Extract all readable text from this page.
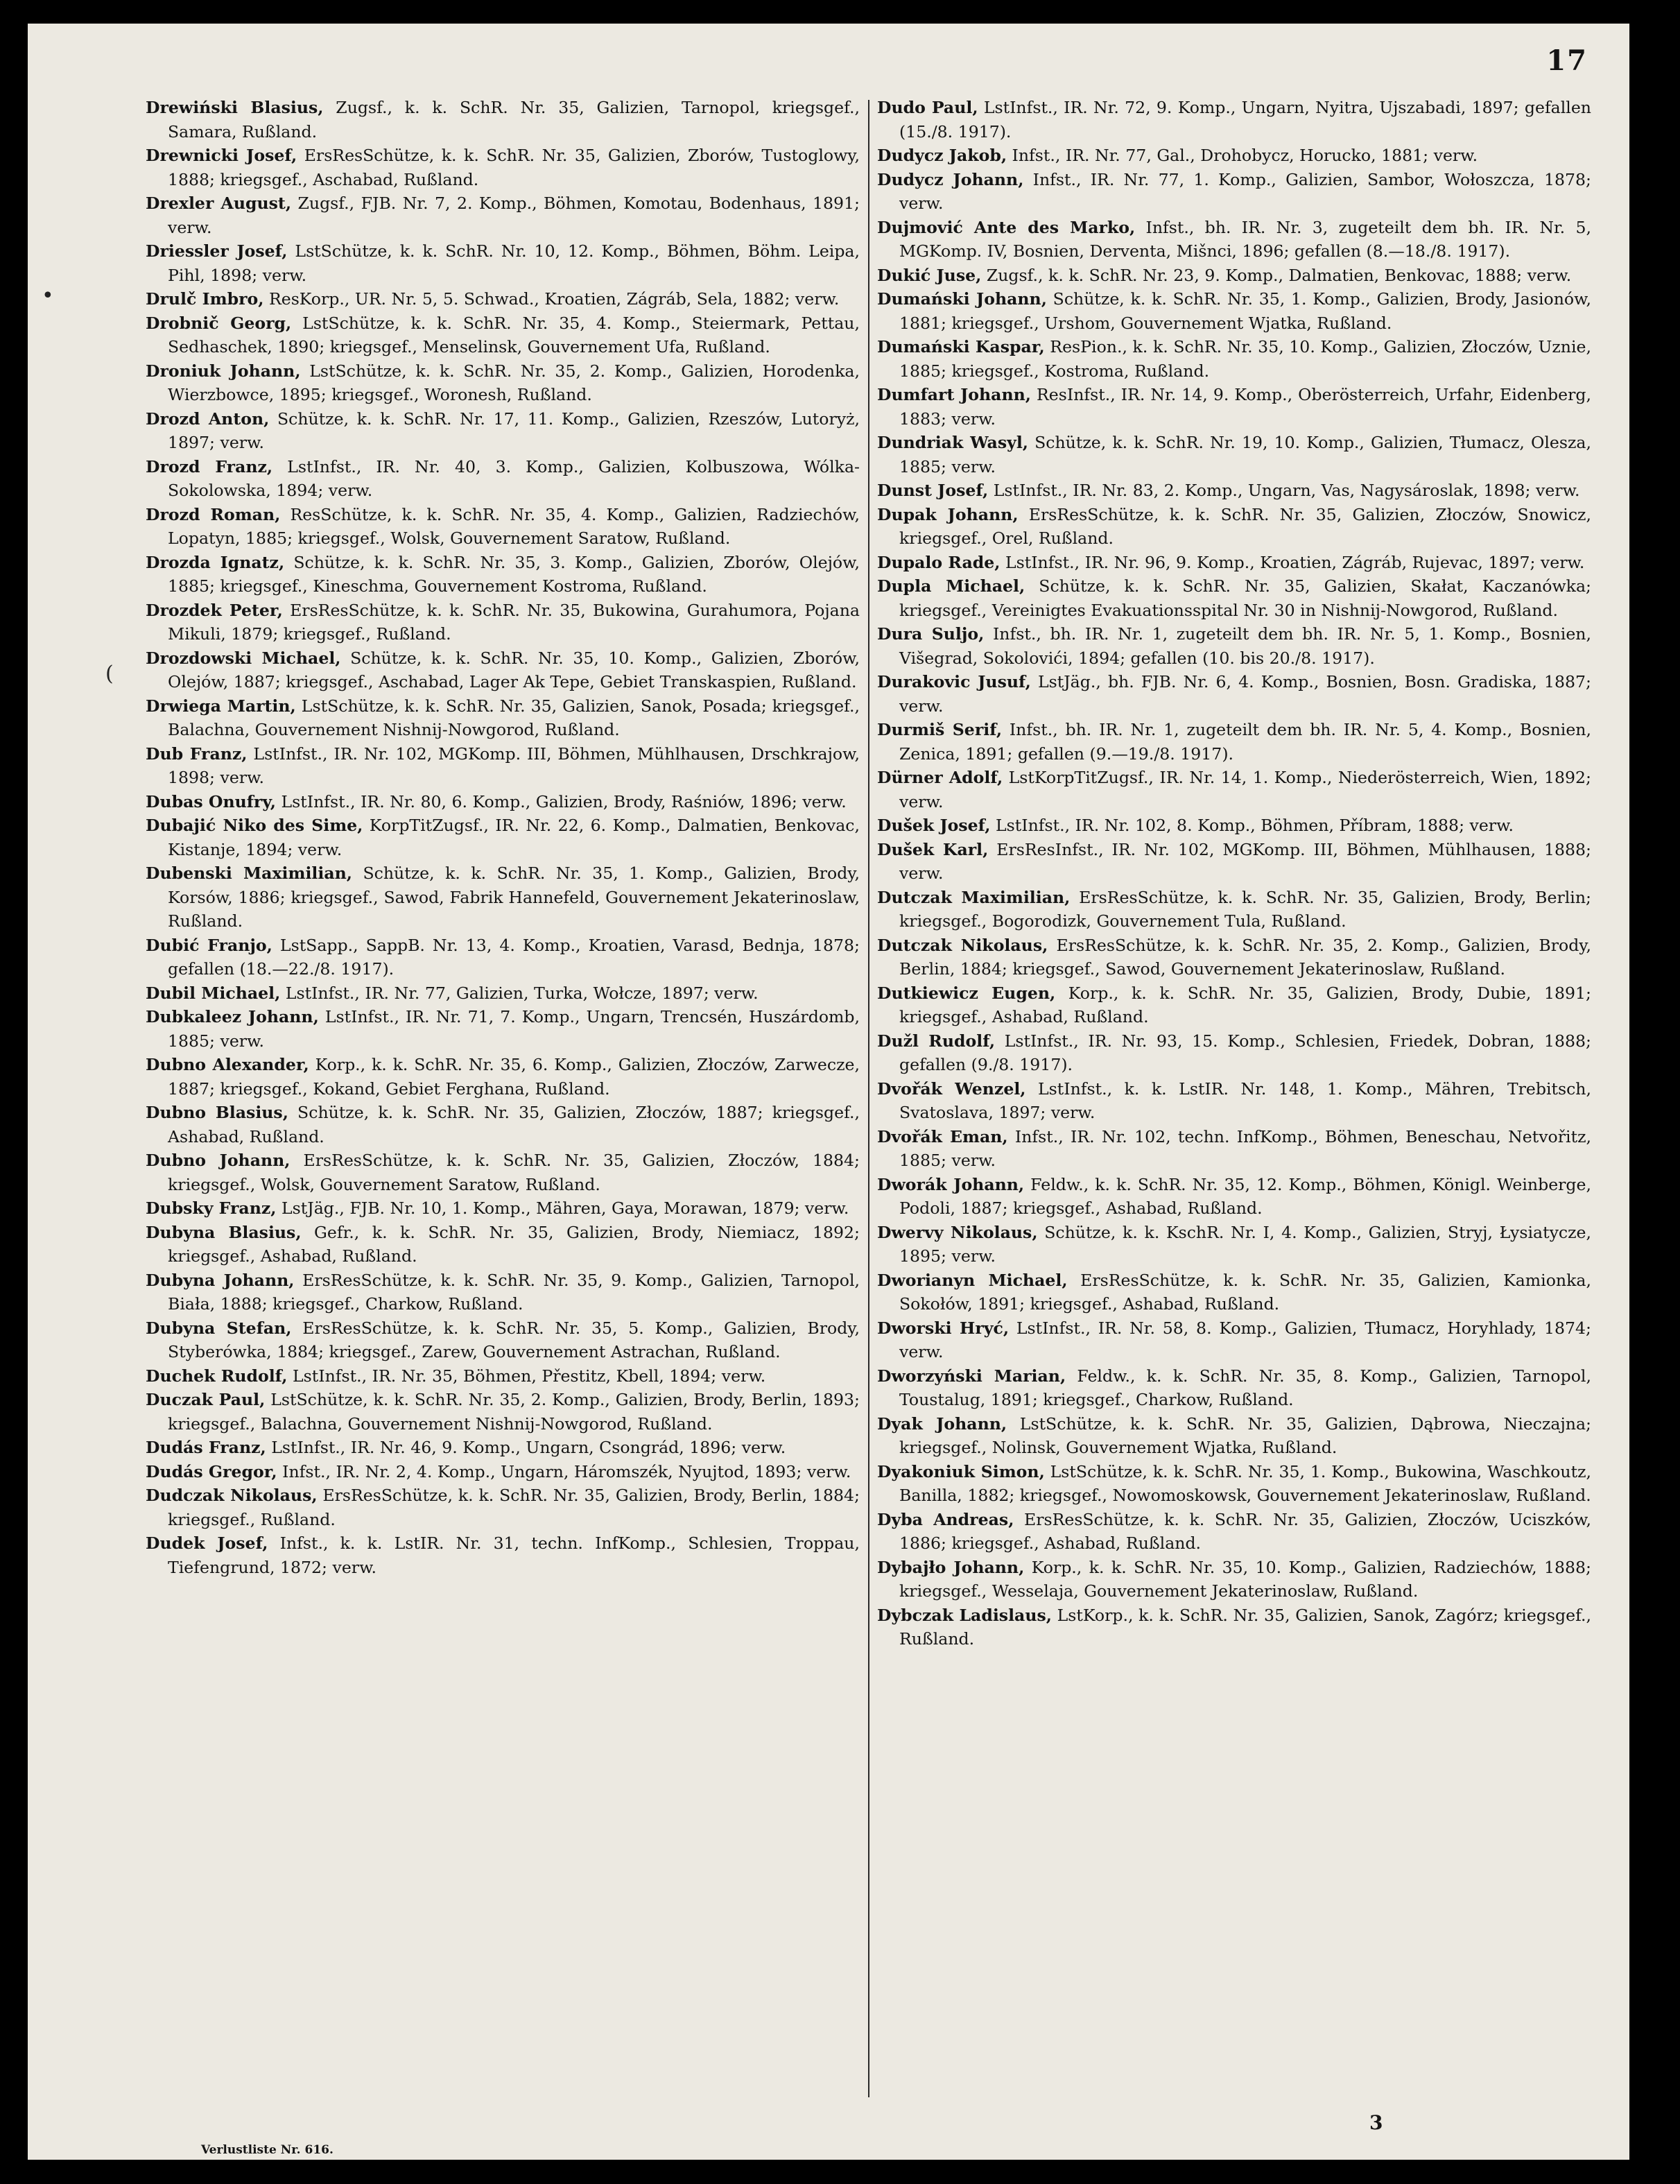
17

Drewiński Blasius, Zugsf., k. k. SchR. Nr. 35, Galizien, Tarnopol, kriegsgef., Samara, Rußland.

Drewnicki Josef, ErsResSchütze, k. k. SchR. Nr. 35, Galizien, Zborów, Tustoglowy, 1888; kriegsgef., Aschabad, Rußland.

Drexler August, Zugsf., FJB. Nr. 7, 2. Komp., Böhmen, Komotau, Bodenhaus, 1891; verw.

Driessler Josef, LstSchütze, k. k. SchR. Nr. 10, 12. Komp., Böhmen, Böhm. Leipa, Pihl, 1898; verw.

Drulč Imbro, ResKorp., UR. Nr. 5, 5. Schwad., Kroatien, Zágráb, Sela, 1882; verw.

Drobnič Georg, LstSchütze, k. k. SchR. Nr. 35, 4. Komp., Steiermark, Pettau, Sedhaschek, 1890; kriegsgef., Menselinsk, Gouvernement Ufa, Rußland.

Droniuk Johann, LstSchütze, k. k. SchR. Nr. 35, 2. Komp., Galizien, Horodenka, Wierzbowce, 1895; kriegsgef., Woronesh, Rußland.

Drozd Anton, Schütze, k. k. SchR. Nr. 17, 11. Komp., Galizien, Rzeszów, Lutoryż, 1897; verw.

Drozd Franz, LstInfst., IR. Nr. 40, 3. Komp., Galizien, Kolbuszowa, Wólka-Sokolowska, 1894; verw.

Drozd Roman, ResSchütze, k. k. SchR. Nr. 35, 4. Komp., Galizien, Radziechów, Lopatyn, 1885; kriegsgef., Wolsk, Gouvernement Saratow, Rußland.

Drozda Ignatz, Schütze, k. k. SchR. Nr. 35, 3. Komp., Galizien, Zborów, Olejów, 1885; kriegsgef., Kineschma, Gouvernement Kostroma, Rußland.

Drozdek Peter, ErsResSchütze, k. k. SchR. Nr. 35, Bukowina, Gurahumora, Pojana Mikuli, 1879; kriegsgef., Rußland.

Drozdowski Michael, Schütze, k. k. SchR. Nr. 35, 10. Komp., Galizien, Zborów, Olejów, 1887; kriegsgef., Aschabad, Lager Ak Tepe, Gebiet Transkaspien, Rußland.

Drwiega Martin, LstSchütze, k. k. SchR. Nr. 35, Galizien, Sanok, Posada; kriegsgef., Balachna, Gouvernement Nishnij-Nowgorod, Rußland.

Dub Franz, LstInfst., IR. Nr. 102, MGKomp. III, Böhmen, Mühlhausen, Drschkrajow, 1898; verw.

Dubas Onufry, LstInfst., IR. Nr. 80, 6. Komp., Galizien, Brody, Raśniów, 1896; verw.

Dubajić Niko des Sime, KorpTitZugsf., IR. Nr. 22, 6. Komp., Dalmatien, Benkovac, Kistanje, 1894; verw.

Dubenski Maximilian, Schütze, k. k. SchR. Nr. 35, 1. Komp., Galizien, Brody, Korsów, 1886; kriegsgef., Sawod, Fabrik Hannefeld, Gouvernement Jekaterinoslaw, Rußland.

Dubić Franjo, LstSapp., SappB. Nr. 13, 4. Komp., Kroatien, Varasd, Bednja, 1878; gefallen (18.—22./8. 1917).

Dubil Michael, LstInfst., IR. Nr. 77, Galizien, Turka, Wołcze, 1897; verw.

Dubkaleez Johann, LstInfst., IR. Nr. 71, 7. Komp., Ungarn, Trencsén, Huszárdomb, 1885; verw.

Dubno Alexander, Korp., k. k. SchR. Nr. 35, 6. Komp., Galizien, Złoczów, Zarwecze, 1887; kriegsgef., Kokand, Gebiet Ferghana, Rußland.

Dubno Blasius, Schütze, k. k. SchR. Nr. 35, Galizien, Złoczów, 1887; kriegsgef., Ashabad, Rußland.

Dubno Johann, ErsResSchütze, k. k. SchR. Nr. 35, Galizien, Złoczów, 1884; kriegsgef., Wolsk, Gouvernement Saratow, Rußland.

Dubsky Franz, LstJäg., FJB. Nr. 10, 1. Komp., Mähren, Gaya, Morawan, 1879; verw.

Dubyna Blasius, Gefr., k. k. SchR. Nr. 35, Galizien, Brody, Niemiacz, 1892; kriegsgef., Ashabad, Rußland.

Dubyna Johann, ErsResSchütze, k. k. SchR. Nr. 35, 9. Komp., Galizien, Tarnopol, Biała, 1888; kriegsgef., Charkow, Rußland.

Dubyna Stefan, ErsResSchütze, k. k. SchR. Nr. 35, 5. Komp., Galizien, Brody, Styberówka, 1884; kriegsgef., Zarew, Gouvernement Astrachan, Rußland.

Duchek Rudolf, LstInfst., IR. Nr. 35, Böhmen, Přestitz, Kbell, 1894; verw.

Duczak Paul, LstSchütze, k. k. SchR. Nr. 35, 2. Komp., Galizien, Brody, Berlin, 1893; kriegsgef., Balachna, Gouvernement Nishnij-Nowgorod, Rußland.

Dudás Franz, LstInfst., IR. Nr. 46, 9. Komp., Ungarn, Csongrád, 1896; verw.

Dudás Gregor, Infst., IR. Nr. 2, 4. Komp., Ungarn, Háromszék, Nyujtod, 1893; verw.

Dudczak Nikolaus, ErsResSchütze, k. k. SchR. Nr. 35, Galizien, Brody, Berlin, 1884; kriegsgef., Rußland.

Dudek Josef, Infst., k. k. LstIR. Nr. 31, techn. InfKomp., Schlesien, Troppau, Tiefengrund, 1872; verw.

Dudo Paul, LstInfst., IR. Nr. 72, 9. Komp., Ungarn, Nyitra, Ujszabadi, 1897; gefallen (15./8. 1917).

Dudycz Jakob, Infst., IR. Nr. 77, Gal., Drohobycz, Horucko, 1881; verw.

Dudycz Johann, Infst., IR. Nr. 77, 1. Komp., Galizien, Sambor, Wołoszcza, 1878; verw.

Dujmović Ante des Marko, Infst., bh. IR. Nr. 3, zugeteilt dem bh. IR. Nr. 5, MGKomp. IV, Bosnien, Derventa, Mišnci, 1896; gefallen (8.—18./8. 1917).

Dukić Juse, Zugsf., k. k. SchR. Nr. 23, 9. Komp., Dalmatien, Benkovac, 1888; verw.

Dumański Johann, Schütze, k. k. SchR. Nr. 35, 1. Komp., Galizien, Brody, Jasionów, 1881; kriegsgef., Urshom, Gouvernement Wjatka, Rußland.

Dumański Kaspar, ResPion., k. k. SchR. Nr. 35, 10. Komp., Galizien, Złoczów, Uznie, 1885; kriegsgef., Kostroma, Rußland.

Dumfart Johann, ResInfst., IR. Nr. 14, 9. Komp., Oberösterreich, Urfahr, Eidenberg, 1883; verw.

Dundriak Wasyl, Schütze, k. k. SchR. Nr. 19, 10. Komp., Galizien, Tłumacz, Olesza, 1885; verw.

Dunst Josef, LstInfst., IR. Nr. 83, 2. Komp., Ungarn, Vas, Nagysároslak, 1898; verw.

Dupak Johann, ErsResSchütze, k. k. SchR. Nr. 35, Galizien, Złoczów, Snowicz, kriegsgef., Orel, Rußland.

Dupalo Rade, LstInfst., IR. Nr. 96, 9. Komp., Kroatien, Zágráb, Rujevac, 1897; verw.

Dupla Michael, Schütze, k. k. SchR. Nr. 35, Galizien, Skałat, Kaczanówka; kriegsgef., Vereinigtes Evakuationsspital Nr. 30 in Nishnij-Nowgorod, Rußland.

Dura Suljo, Infst., bh. IR. Nr. 1, zugeteilt dem bh. IR. Nr. 5, 1. Komp., Bosnien, Višegrad, Sokolovići, 1894; gefallen (10. bis 20./8. 1917).

Durakovic Jusuf, LstJäg., bh. FJB. Nr. 6, 4. Komp., Bosnien, Bosn. Gradiska, 1887; verw.

Durmiš Serif, Infst., bh. IR. Nr. 1, zugeteilt dem bh. IR. Nr. 5, 4. Komp., Bosnien, Zenica, 1891; gefallen (9.—19./8. 1917).

Dürner Adolf, LstKorpTitZugsf., IR. Nr. 14, 1. Komp., Niederösterreich, Wien, 1892; verw.

Dušek Josef, LstInfst., IR. Nr. 102, 8. Komp., Böhmen, Příbram, 1888; verw.

Dušek Karl, ErsResInfst., IR. Nr. 102, MGKomp. III, Böhmen, Mühlhausen, 1888; verw.

Dutczak Maximilian, ErsResSchütze, k. k. SchR. Nr. 35, Galizien, Brody, Berlin; kriegsgef., Bogorodizk, Gouvernement Tula, Rußland.

Dutczak Nikolaus, ErsResSchütze, k. k. SchR. Nr. 35, 2. Komp., Galizien, Brody, Berlin, 1884; kriegsgef., Sawod, Gouvernement Jekaterinoslaw, Rußland.

Dutkiewicz Eugen, Korp., k. k. SchR. Nr. 35, Galizien, Brody, Dubie, 1891; kriegsgef., Ashabad, Rußland.

Dužl Rudolf, LstInfst., IR. Nr. 93, 15. Komp., Schlesien, Friedek, Dobran, 1888; gefallen (9./8. 1917).

Dvořák Wenzel, LstInfst., k. k. LstIR. Nr. 148, 1. Komp., Mähren, Trebitsch, Svatoslava, 1897; verw.

Dvořák Eman, Infst., IR. Nr. 102, techn. InfKomp., Böhmen, Beneschau, Netvořitz, 1885; verw.

Dworák Johann, Feldw., k. k. SchR. Nr. 35, 12. Komp., Böhmen, Königl. Weinberge, Podoli, 1887; kriegsgef., Ashabad, Rußland.

Dwervy Nikolaus, Schütze, k. k. KschR. Nr. I, 4. Komp., Galizien, Stryj, Łysiatycze, 1895; verw.

Dworianyn Michael, ErsResSchütze, k. k. SchR. Nr. 35, Galizien, Kamionka, Sokołów, 1891; kriegsgef., Ashabad, Rußland.

Dworski Hryć, LstInfst., IR. Nr. 58, 8. Komp., Galizien, Tłumacz, Horyhlady, 1874; verw.

Dworzyński Marian, Feldw., k. k. SchR. Nr. 35, 8. Komp., Galizien, Tarnopol, Toustalug, 1891; kriegsgef., Charkow, Rußland.

Dyak Johann, LstSchütze, k. k. SchR. Nr. 35, Galizien, Dąbrowa, Nieczajna; kriegsgef., Nolinsk, Gouvernement Wjatka, Rußland.

Dyakoniuk Simon, LstSchütze, k. k. SchR. Nr. 35, 1. Komp., Bukowina, Waschkoutz, Banilla, 1882; kriegsgef., Nowomoskowsk, Gouvernement Jekaterinoslaw, Rußland.

Dyba Andreas, ErsResSchütze, k. k. SchR. Nr. 35, Galizien, Złoczów, Uciszków, 1886; kriegsgef., Ashabad, Rußland.

Dybajło Johann, Korp., k. k. SchR. Nr. 35, 10. Komp., Galizien, Radziechów, 1888; kriegsgef., Wesselaja, Gouvernement Jekaterinoslaw, Rußland.

Dybczak Ladislaus, LstKorp., k. k. SchR. Nr. 35, Galizien, Sanok, Zagórz; kriegsgef., Rußland.

Verlustliste Nr. 616.
3
•
(
